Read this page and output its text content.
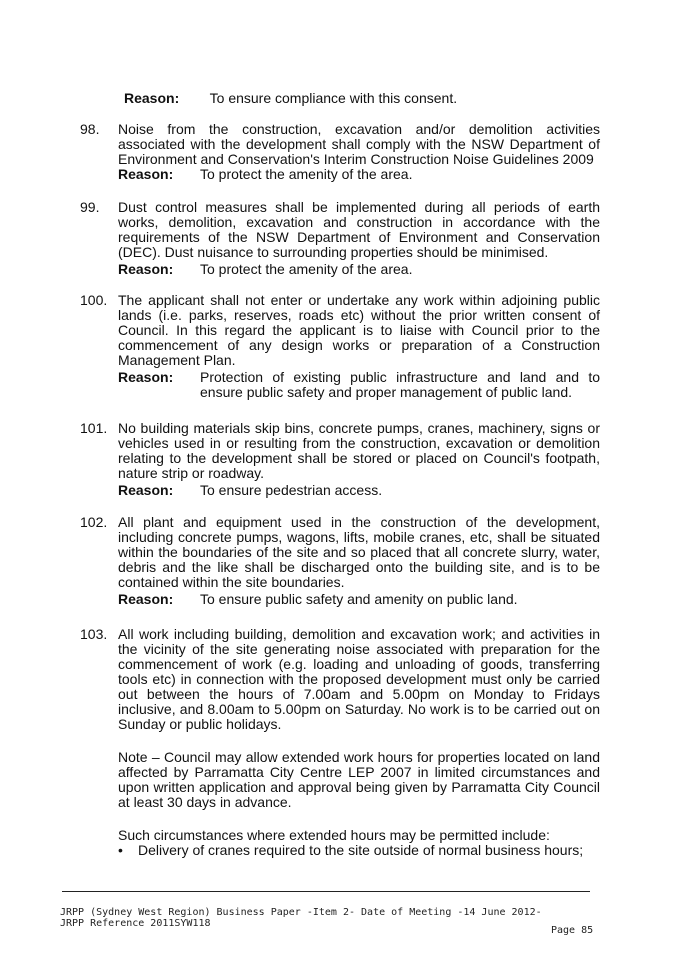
Reason: To ensure compliance with this consent.
98. Noise from the construction, excavation and/or demolition activities associated with the development shall comply with the NSW Department of Environment and Conservation's Interim Construction Noise Guidelines 2009
Reason:	To protect the amenity of the area.
99. Dust control measures shall be implemented during all periods of earth works, demolition, excavation and construction in accordance with the requirements of the NSW Department of Environment and Conservation (DEC). Dust nuisance to surrounding properties should be minimised.
Reason:	To protect the amenity of the area.
100. The applicant shall not enter or undertake any work within adjoining public lands (i.e. parks, reserves, roads etc) without the prior written consent of Council. In this regard the applicant is to liaise with Council prior to the commencement of any design works or preparation of a Construction Management Plan.
Reason:	Protection of existing public infrastructure and land and to ensure public safety and proper management of public land.
101. No building materials skip bins, concrete pumps, cranes, machinery, signs or vehicles used in or resulting from the construction, excavation or demolition relating to the development shall be stored or placed on Council's footpath, nature strip or roadway.
Reason:	To ensure pedestrian access.
102. All plant and equipment used in the construction of the development, including concrete pumps, wagons, lifts, mobile cranes, etc, shall be situated within the boundaries of the site and so placed that all concrete slurry, water, debris and the like shall be discharged onto the building site, and is to be contained within the site boundaries.
Reason:	To ensure public safety and amenity on public land.
103. All work including building, demolition and excavation work; and activities in the vicinity of the site generating noise associated with preparation for the commencement of work (e.g. loading and unloading of goods, transferring tools etc) in connection with the proposed development must only be carried out between the hours of 7.00am and 5.00pm on Monday to Fridays inclusive, and 8.00am to 5.00pm on Saturday. No work is to be carried out on Sunday or public holidays.
Note – Council may allow extended work hours for properties located on land affected by Parramatta City Centre LEP 2007 in limited circumstances and upon written application and approval being given by Parramatta City Council at least 30 days in advance.
Such circumstances where extended hours may be permitted include:
•	Delivery of cranes required to the site outside of normal business hours;
JRPP (Sydney West Region) Business Paper -Item 2- Date of Meeting -14 June 2012-
JRPP Reference 2011SYW118
Page 85
